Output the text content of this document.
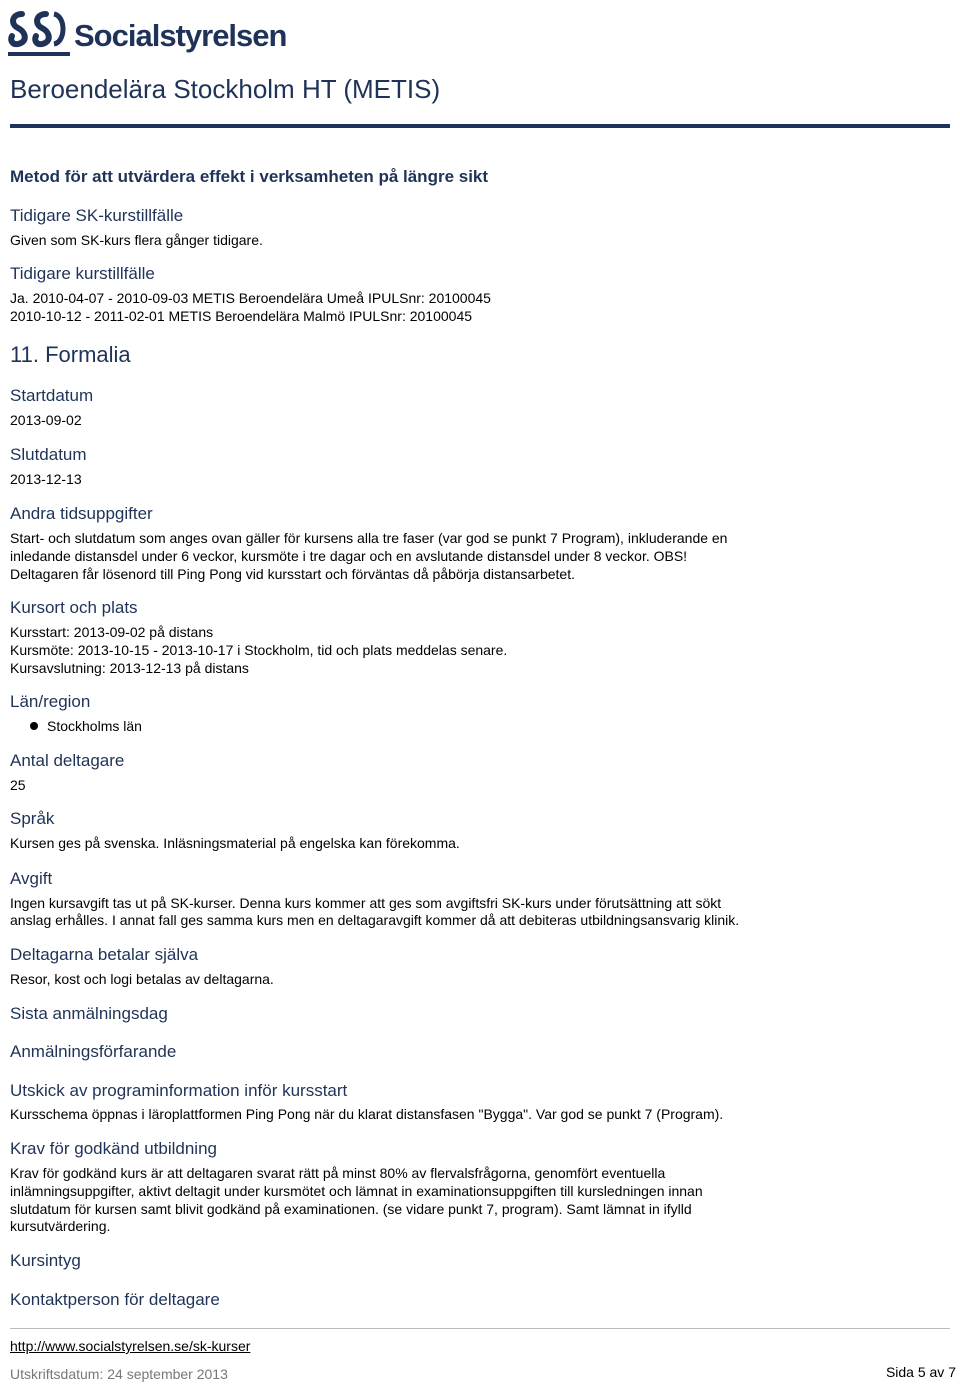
Socialstyrelsen
Beroendelära Stockholm HT (METIS)
Metod för att utvärdera effekt i verksamheten på längre sikt
Tidigare SK-kurstillfälle
Given som SK-kurs flera gånger tidigare.
Tidigare kurstillfälle
Ja. 2010-04-07 - 2010-09-03 METIS Beroendelära Umeå IPULSnr: 20100045
2010-10-12 - 2011-02-01 METIS Beroendelära Malmö IPULSnr: 20100045
11. Formalia
Startdatum
2013-09-02
Slutdatum
2013-12-13
Andra tidsuppgifter
Start- och slutdatum som anges ovan gäller för kursens alla tre faser (var god se punkt 7 Program), inkluderande en
inledande distansdel under 6 veckor, kursmöte i tre dagar och en avslutande distansdel under 8 veckor. OBS!
Deltagaren får lösenord till Ping Pong vid kursstart och förväntas då påbörja distansarbetet.
Kursort och plats
Kursstart: 2013-09-02 på distans
Kursmöte: 2013-10-15 - 2013-10-17 i Stockholm, tid och plats meddelas senare.
Kursavslutning: 2013-12-13 på distans
Län/region
Stockholms län
Antal deltagare
25
Språk
Kursen ges på svenska. Inläsningsmaterial på engelska kan förekomma.
Avgift
Ingen kursavgift tas ut på SK-kurser. Denna kurs kommer att ges som avgiftsfri SK-kurs under förutsättning att sökt
anslag erhålles. I annat fall ges samma kurs men en deltagaravgift kommer då att debiteras utbildningsansvarig klinik.
Deltagarna betalar själva
Resor, kost och logi betalas av deltagarna.
Sista anmälningsdag
Anmälningsförfarande
Utskick av programinformation inför kursstart
Kursschema öppnas i läroplattformen Ping Pong när du klarat distansfasen "Bygga". Var god se punkt 7 (Program).
Krav för godkänd utbildning
Krav för godkänd kurs är att deltagaren svarat rätt på minst 80% av flervalsfrågorna, genomfört eventuella
inlämningsuppgifter, aktivt deltagit under kursmötet och lämnat in examinationsuppgiften till kursledningen innan
slutdatum för kursen samt blivit godkänd på examinationen. (se vidare punkt 7, program). Samt lämnat in ifylld
kursutvärdering.
Kursintyg
Kontaktperson för deltagare
http://www.socialstyrelsen.se/sk-kurser
Utskriftsdatum: 24 september 2013	Sida 5 av 7
